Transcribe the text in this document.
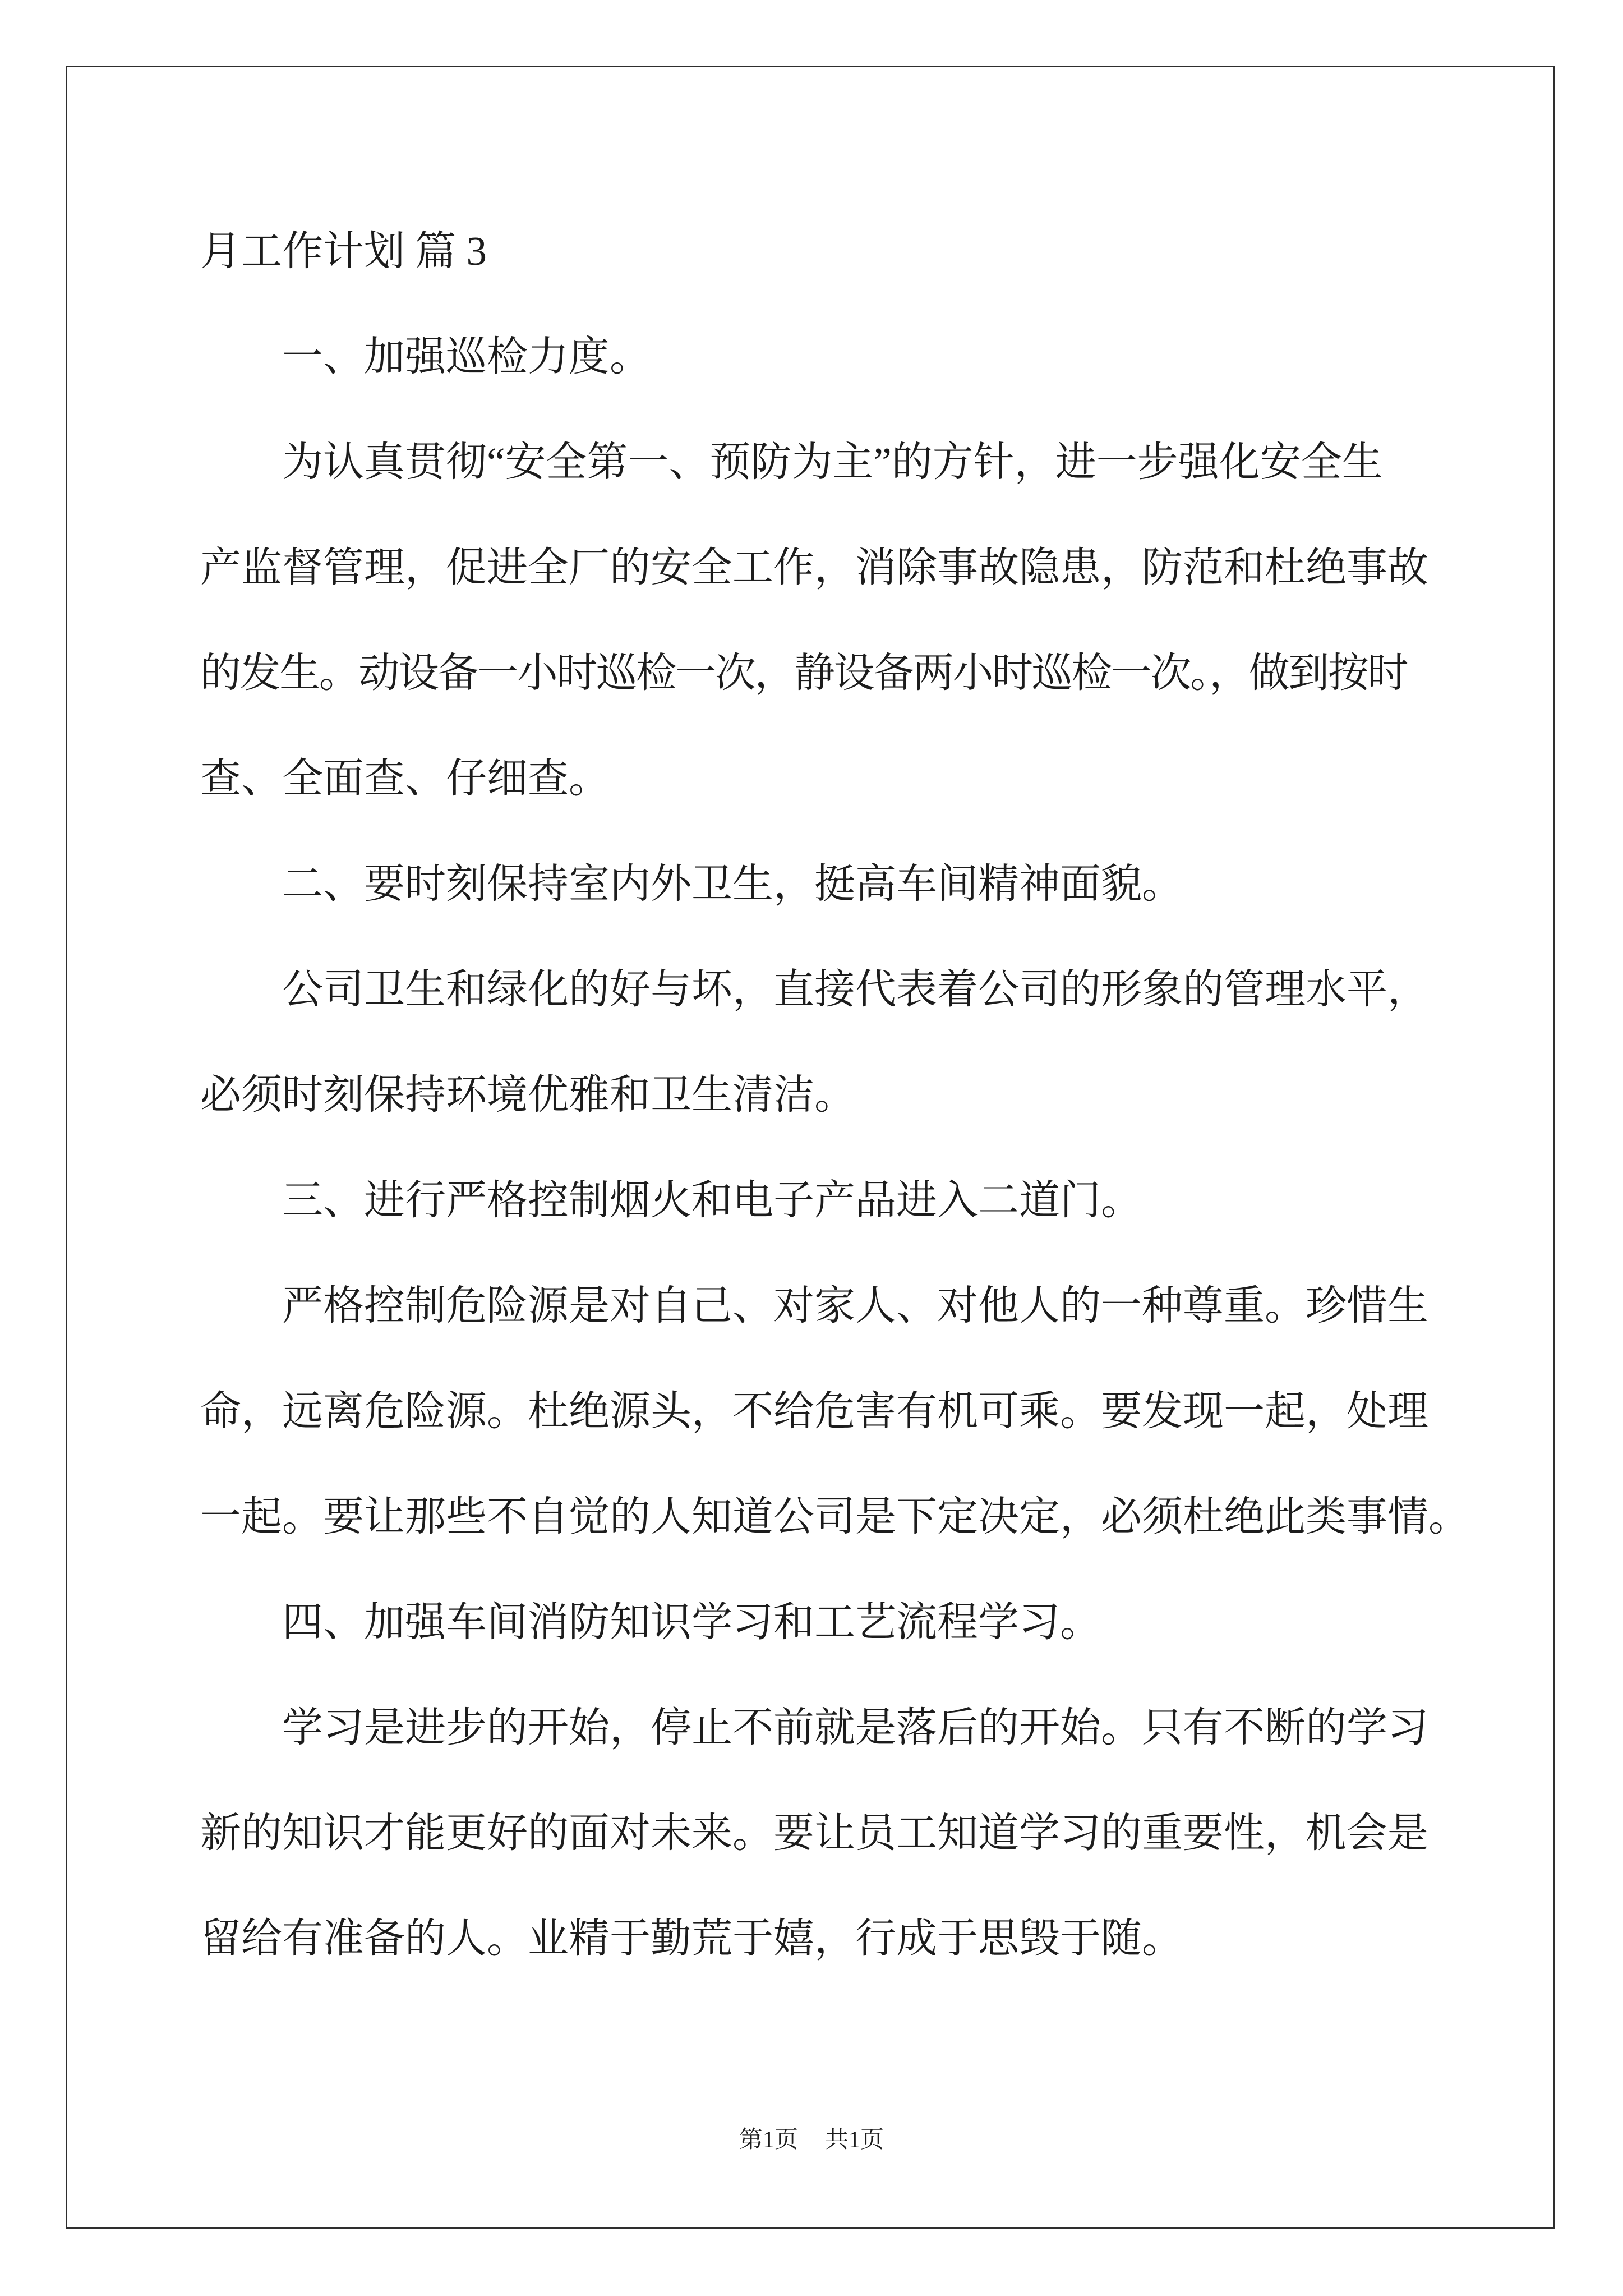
月工作计划 篇 3
一、加强巡检力度。
为认真贯彻“安全第一、预防为主”的方针，进一步强化安全生
产监督管理，促进全厂的安全工作，消除事故隐患，防范和杜绝事故
的发生。动设备一小时巡检一次，静设备两小时巡检一次。，做到按时
查、全面查、仔细查。
二、要时刻保持室内外卫生，挺高车间精神面貌。
公司卫生和绿化的好与坏，直接代表着公司的形象的管理水平，
必须时刻保持环境优雅和卫生清洁。
三、进行严格控制烟火和电子产品进入二道门。
严格控制危险源是对自己、对家人、对他人的一种尊重。珍惜生
命，远离危险源。杜绝源头，不给危害有机可乘。要发现一起，处理
一起。要让那些不自觉的人知道公司是下定决定，必须杜绝此类事情。
四、加强车间消防知识学习和工艺流程学习。
学习是进步的开始，停止不前就是落后的开始。只有不断的学习
新的知识才能更好的面对未来。要让员工知道学习的重要性，机会是
留给有准备的人。业精于勤荒于嬉，行成于思毁于随。
第1页 共1页
